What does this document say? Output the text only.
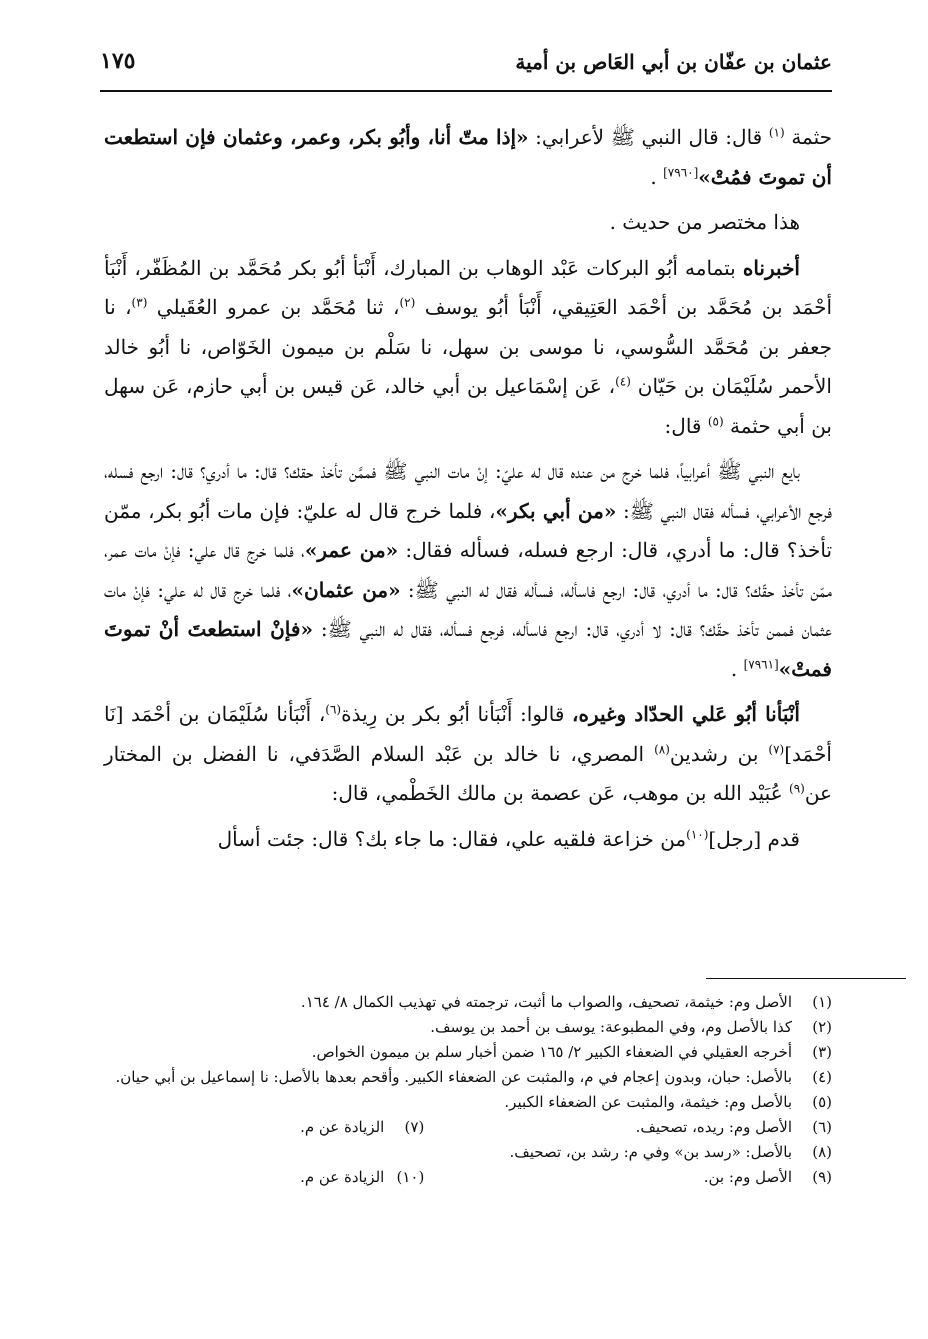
عثمان بن عفّان بن أبي العَاص بن أمية
١٧٥

حثمة $^{(١)}$ قال: قال النبي ﷺ لأعرابي: «إذا متّ أنا، وأبُو بكر، وعمر، وعثمان فإن استطعت أن تموتَ فمُتْ»[٧٩٦٠] .

هذا مختصر من حديث .

أخبرناه بتمامه أبُو البركات عَبْد الوهاب بن المبارك، أَنْبَأ أبُو بكر مُحَمَّد بن المُظَفّر، أَنْبَأ أحْمَد بن مُحَمَّد بن أحْمَد العَتِيقي، أَنْبَأ أبُو يوسف $^{(٢)}$، ثنا مُحَمَّد بن عمرو العُقَيلي $^{(٣)}$، نا جعفر بن مُحَمَّد السُّوسي، نا موسى بن سهل، نا سَلْم بن ميمون الخَوّاص، نا أبُو خالد الأحمر سُلَيْمَان بن حَيّان $^{(٤)}$، عَن إسْمَاعيل بن أبي خالد، عَن قيس بن أبي حازم، عَن سهل بن أبي حثمة $^{(٥)}$ قال:

بايع النبي ﷺ أعرابياً، فلما خرج من عنده قال له عليّ: إنْ مات النبي ﷺ فممَّن تأخذ حقك؟ قال: ما أدري؟ قال: ارجع فسله، فرجع الأعرابي، فسأله فقال النبي ﷺ: «من أبي بكر»، فلما خرج قال له عليّ: فإن مات أبُو بكر، ممّن تأخذ؟ قال: ما أدري، قال: ارجع فسله، فسأله فقال: «من عمر»، فلما خرج قال علي: فإنْ مات عمر، ممّن تأخذ حقّك؟ قال: ما أدري، قال: ارجع فاسأله، فسأله فقال له النبي ﷺ: «من عثمان»، فلما خرج قال له علي: فإنْ مات عثمان فممن تأخذ حقّك؟ قال: لا أدري، قال: ارجع فاسأله، فرجع فسأله، فقال له النبي ﷺ: «فإنْ استطعتَ أنْ تموتَ فمتْ»[٧٩٦١] .

أنْبَأنا أبُو عَلي الحدّاد وغيره، قالوا: أَنْبَأنا أبُو بكر بن رِيذة$^{(٦)}$، أَنْبَأنا سُلَيْمَان بن أحْمَد [نَا أحْمَد]$^{(٧)}$ بن رشدين$^{(٨)}$ المصري، نا خالد بن عَبْد السلام الصَّدَفي، نا الفضل بن المختار عن$^{(٩)}$ عُبَيْد الله بن موهب، عَن عصمة بن مالك الخَطْمي، قال:

قدم [رجل]$^{(١٠)}$من خزاعة فلقيه علي، فقال: ما جاء بك؟ قال: جئت أسأل

(١)
الأصل وم: خيثمة، تصحيف، والصواب ما أثبت، ترجمته في تهذيب الكمال ٨/ ١٦٤.
(٢)
كذا بالأصل وم، وفي المطبوعة: يوسف بن أحمد بن يوسف.
(٣)
أخرجه العقيلي في الضعفاء الكبير ٢/ ١٦٥ ضمن أخبار سلم بن ميمون الخواص.
(٤)
بالأصل: حبان، وبدون إعجام في م، والمثبت عن الضعفاء الكبير. وأقحم بعدها بالأصل: نا إسماعيل بن أبي حيان.
(٥)
بالأصل وم: خيثمة، والمثبت عن الضعفاء الكبير.
(٦)
الأصل وم: ريده، تصحيف.
(٧)
الزيادة عن م.
(٨)
بالأصل: «رسد بن» وفي م: رشد بن، تصحيف.
(٩)
الأصل وم: بن.
(١٠)
الزيادة عن م.
